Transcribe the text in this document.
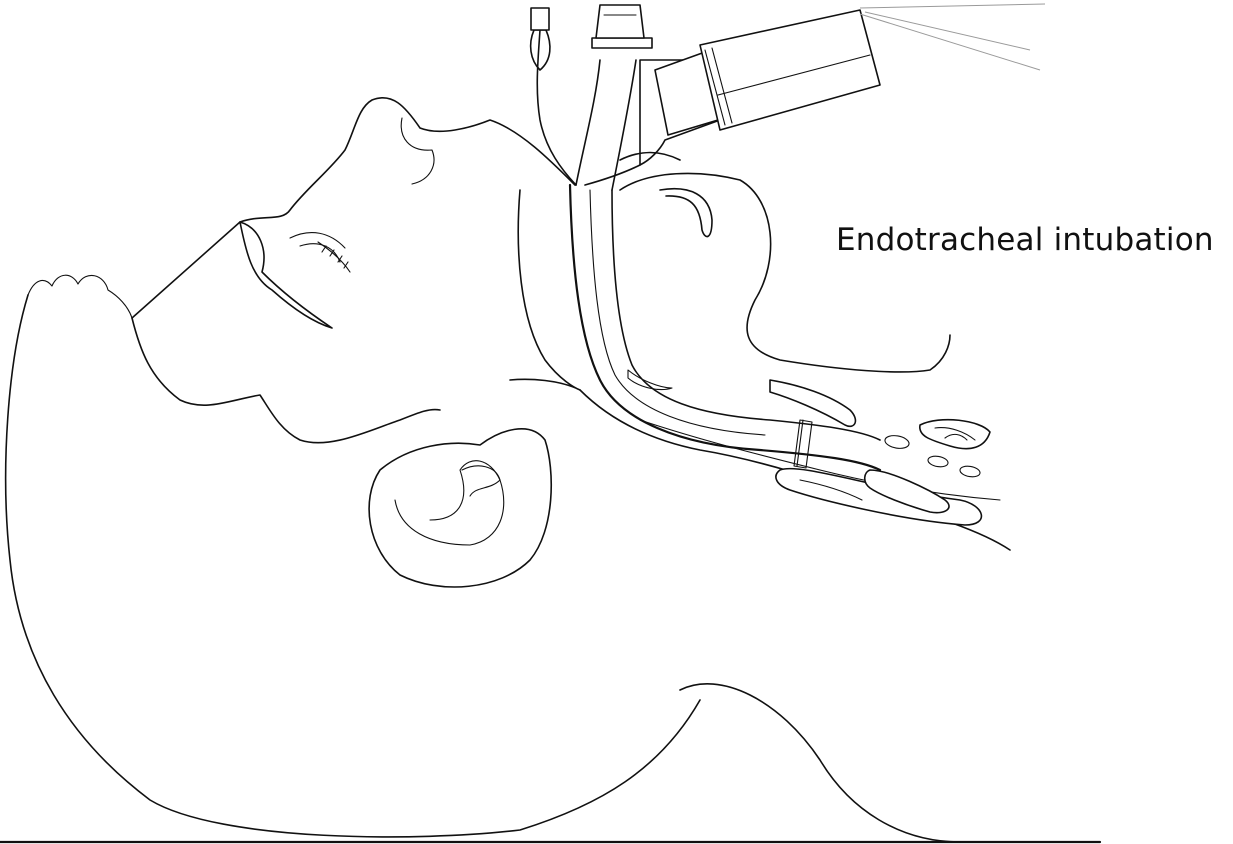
Endotracheal intubation
